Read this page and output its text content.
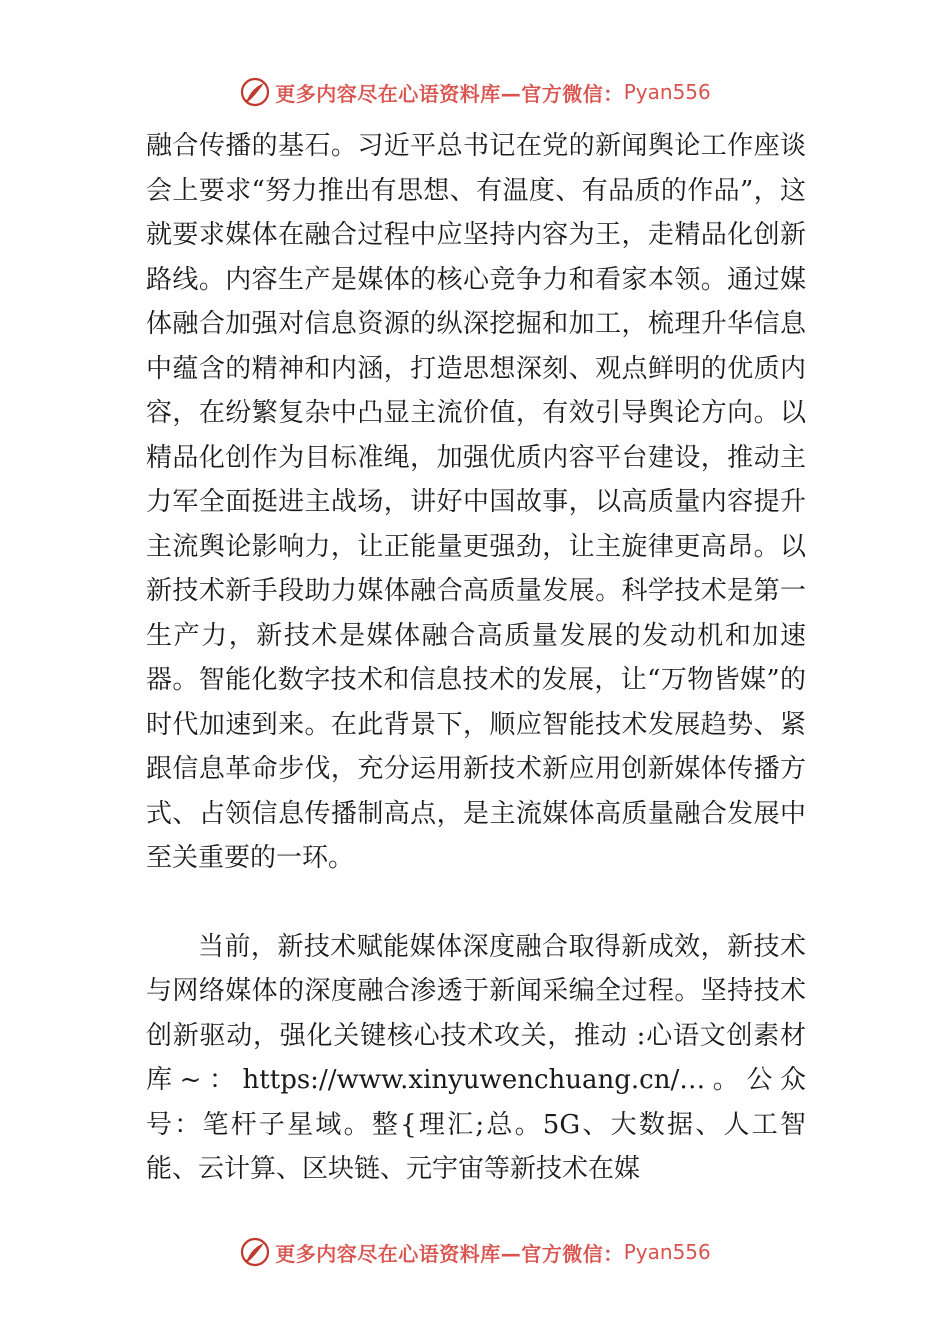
更多内容尽在心语资料库—官方微信： Pyan556

融合传播的基石。习近平总书记在党的新闻舆论工作座谈会上要求“努力推出有思想、有温度、有品质的作品”，这就要求媒体在融合过程中应坚持内容为王，走精品化创新路线。内容生产是媒体的核心竞争力和看家本领。通过媒体融合加强对信息资源的纵深挖掘和加工，梳理升华信息中蕴含的精神和内涵，打造思想深刻、观点鲜明的优质内容，在纷繁复杂中凸显主流价值，有效引导舆论方向。以精品化创作为目标准绳，加强优质内容平台建设，推动主力军全面挺进主战场，讲好中国故事，以高质量内容提升主流舆论影响力，让正能量更强劲，让主旋律更高昂。以新技术新手段助力媒体融合高质量发展。科学技术是第一生产力，新技术是媒体融合高质量发展的发动机和加速器。智能化数字技术和信息技术的发展，让“万物皆媒”的时代加速到来。在此背景下，顺应智能技术发展趋势、紧跟信息革命步伐，充分运用新技术新应用创新媒体传播方式、占领信息传播制高点，是主流媒体高质量融合发展中至关重要的一环。

当前，新技术赋能媒体深度融合取得新成效，新技术与网络媒体的深度融合渗透于新闻采编全过程。坚持技术创新驱动，强化关键核心技术攻关，推动 :心语文创素材库~：https://www.xinyuwenchuang.cn/…。公众号：笔杆子星域。整{理汇;总。5G、大数据、人工智能、云计算、区块链、元宇宙等新技术在媒

更多内容尽在心语资料库—官方微信： Pyan556
